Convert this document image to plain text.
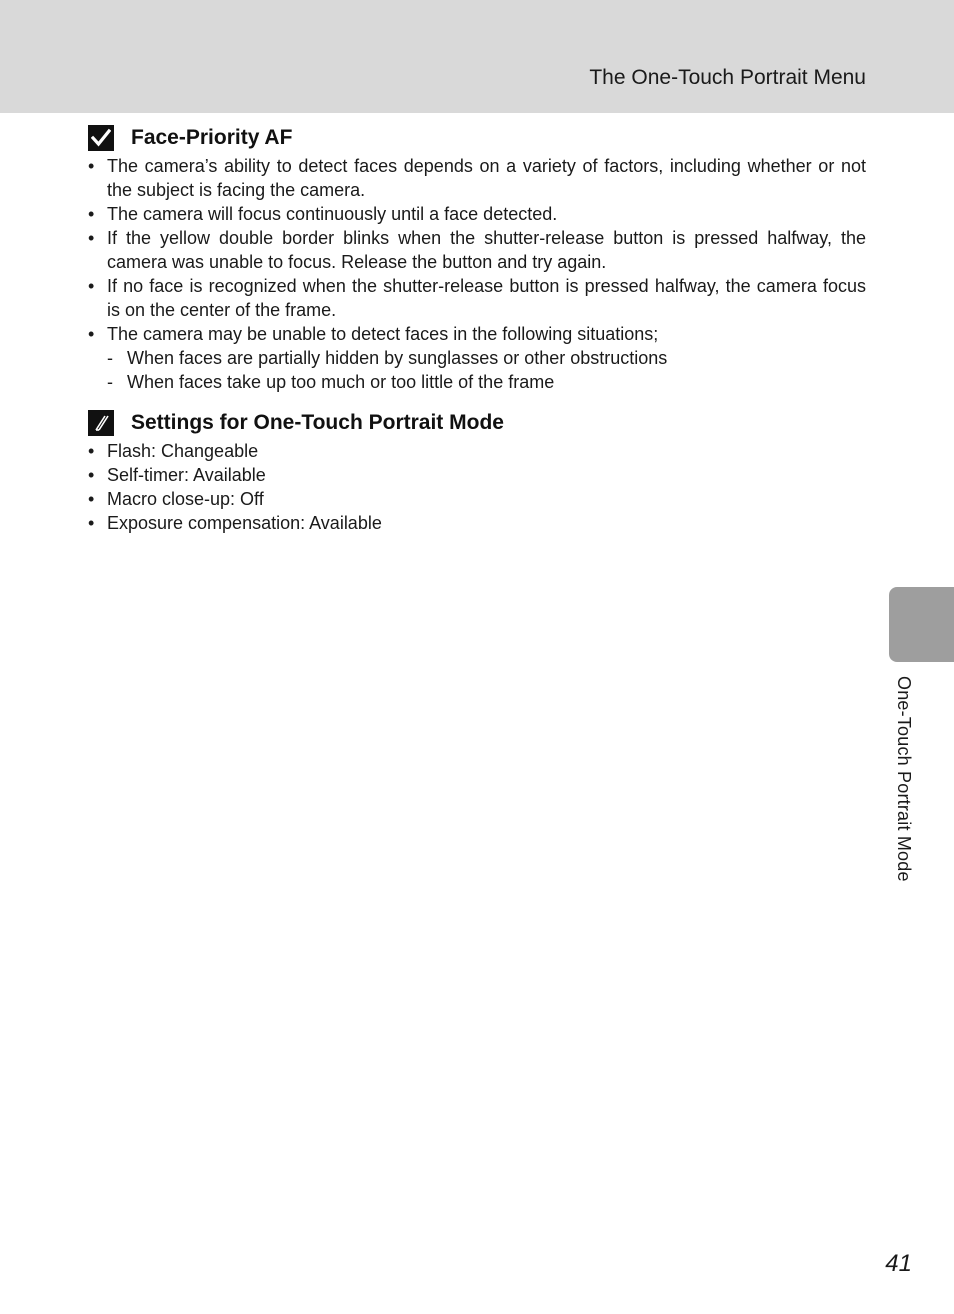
The One-Touch Portrait Menu
Face-Priority AF
• The camera’s ability to detect faces depends on a variety of factors, including whether or not the subject is facing the camera.
• The camera will focus continuously until a face detected.
• If the yellow double border blinks when the shutter-release button is pressed halfway, the camera was unable to focus. Release the button and try again.
• If no face is recognized when the shutter-release button is pressed halfway, the camera focus is on the center of the frame.
• The camera may be unable to detect faces in the following situations;
- When faces are partially hidden by sunglasses or other obstructions
- When faces take up too much or too little of the frame
Settings for One-Touch Portrait Mode
• Flash: Changeable
• Self-timer: Available
• Macro close-up: Off
• Exposure compensation: Available
One-Touch Portrait Mode
41
